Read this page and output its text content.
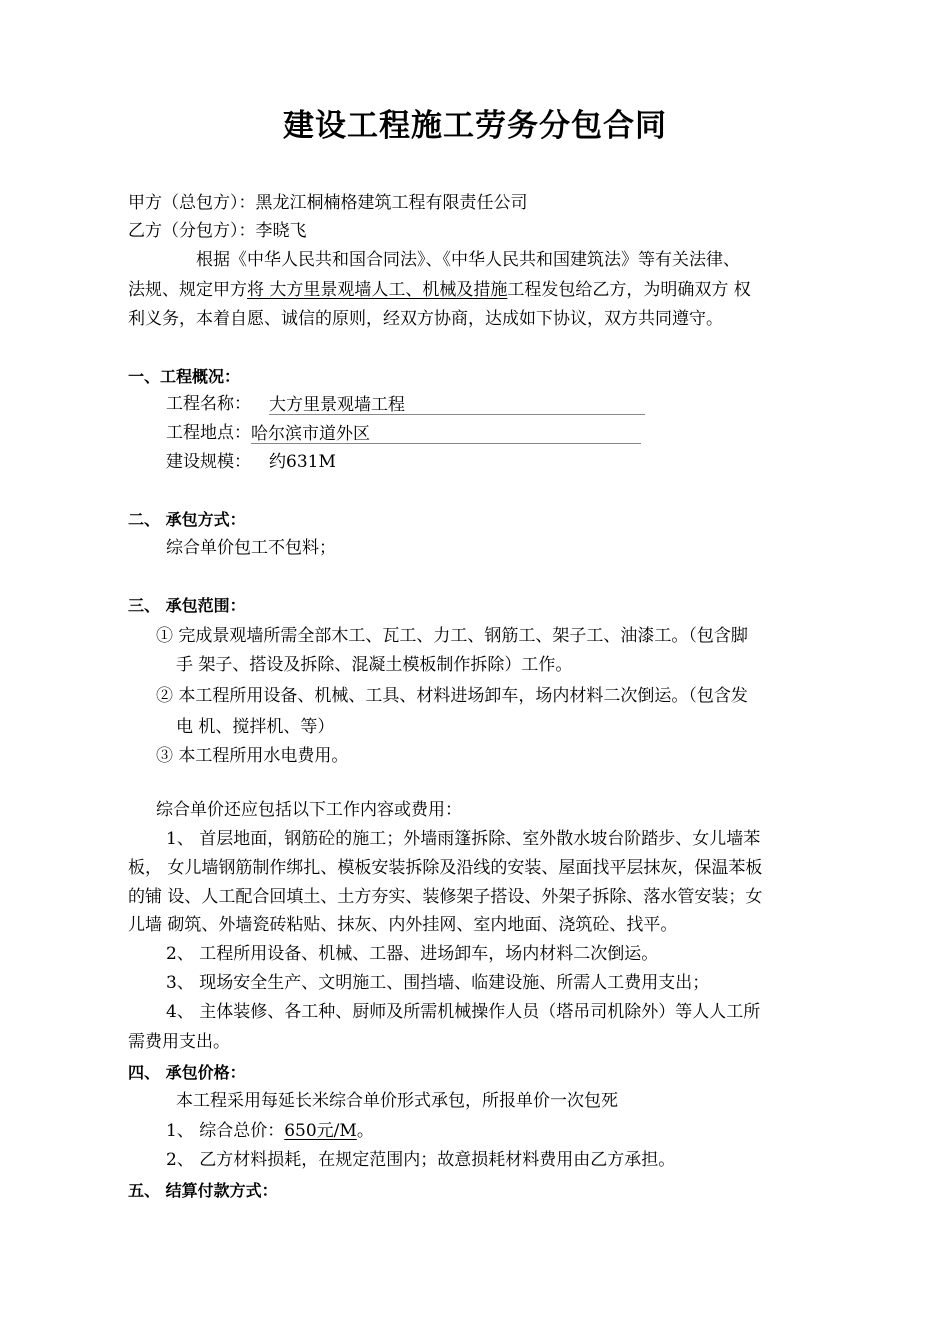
建设工程施工劳务分包合同
甲方（总包方）：黑龙江桐楠格建筑工程有限责任公司
乙方（分包方）：李晓飞
根据《中华人民共和国合同法》、《中华人民共和国建筑法》等有关法律、
法规、规定甲方将 大方里景观墙人工、机械及措施工程发包给乙方，为明确双方 权
利义务，本着自愿、诚信的原则，经双方协商，达成如下协议，双方共同遵守。
一、工程概况：
工程名称： 大方里景观墙工程
工程地点：哈尔滨市道外区
建设规模： 约631M
二、 承包方式：
综合单价包工不包料；
三、 承包范围：
① 完成景观墙所需全部木工、瓦工、力工、钢筋工、架子工、油漆工。（包含脚
手 架子、搭设及拆除、混凝土模板制作拆除）工作。
② 本工程所用设备、机械、工具、材料进场卸车，场内材料二次倒运。（包含发
电 机、搅拌机、等）
③ 本工程所用水电费用。
综合单价还应包括以下工作内容或费用：
1、 首层地面，钢筋砼的施工；外墙雨篷拆除、室外散水坡台阶踏步、女儿墙苯
板， 女儿墙钢筋制作绑扎、模板安装拆除及沿线的安装、屋面找平层抹灰，保温苯板
的铺 设、人工配合回填土、土方夯实、装修架子搭设、外架子拆除、落水管安装；女
儿墙 砌筑、外墙瓷砖粘贴、抹灰、内外挂网、室内地面、浇筑砼、找平。
2、 工程所用设备、机械、工器、进场卸车，场内材料二次倒运。
3、 现场安全生产、文明施工、围挡墙、临建设施、所需人工费用支出；
4、 主体装修、各工种、厨师及所需机械操作人员（塔吊司机除外）等人人工所
需费用支出。
四、 承包价格：
本工程采用每延长米综合单价形式承包，所报单价一次包死
1、 综合总价：650元/M。
2、 乙方材料损耗，在规定范围内；故意损耗材料费用由乙方承担。
五、 结算付款方式：
